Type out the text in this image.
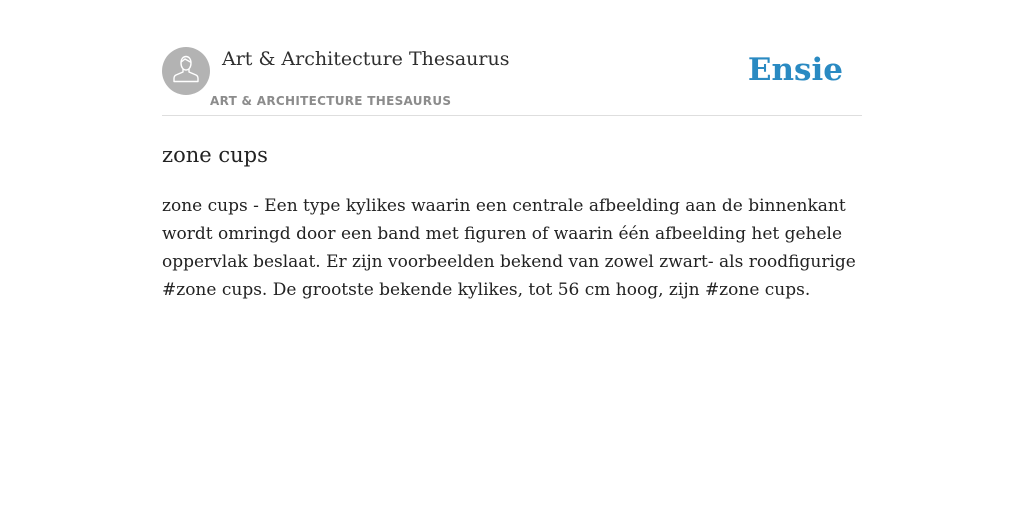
Art & Architecture Thesaurus
ART & ARCHITECTURE THESAURUS
Ensie
zone cups

zone cups - Een type kylikes waarin een centrale afbeelding aan de binnenkant wordt omringd door een band met figuren of waarin één afbeelding het gehele oppervlak beslaat. Er zijn voorbeelden bekend van zowel zwart- als roodfigurige #zone cups. De grootste bekende kylikes, tot 56 cm hoog, zijn #zone cups.
